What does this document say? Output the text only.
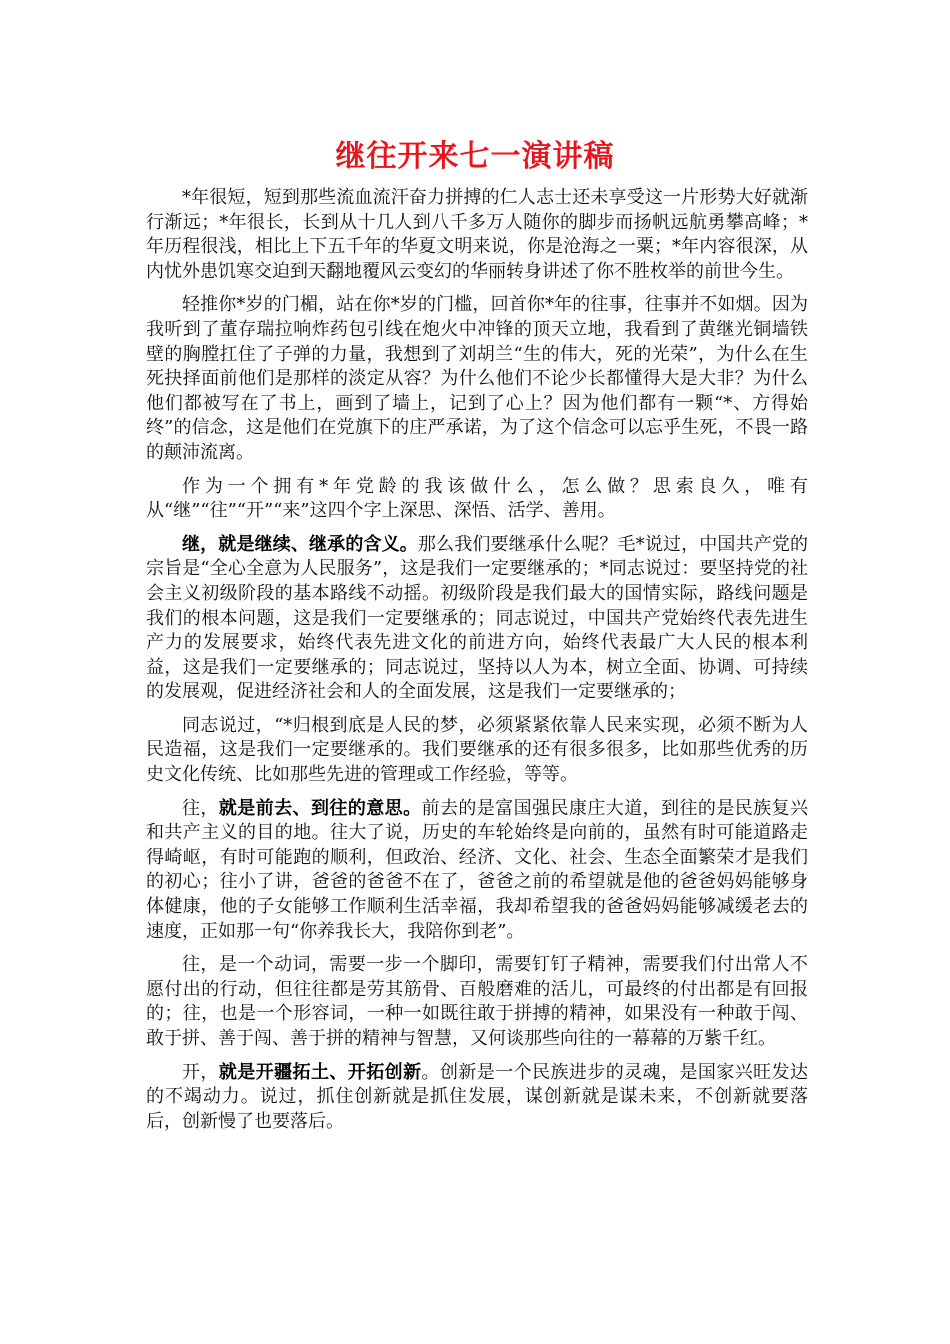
继往开来七一演讲稿

*年很短，短到那些流血流汗奋力拼搏的仁人志士还未享受这一片形势大好就渐行渐远；*年很长，长到从十几人到八千多万人随你的脚步而扬帆远航勇攀高峰；*年历程很浅，相比上下五千年的华夏文明来说，你是沧海之一粟；*年内容很深，从内忧外患饥寒交迫到天翻地覆风云变幻的华丽转身讲述了你不胜枚举的前世今生。

轻推你*岁的门楣，站在你*岁的门槛，回首你*年的往事，往事并不如烟。因为我听到了董存瑞拉响炸药包引线在炮火中冲锋的顶天立地，我看到了黄继光铜墙铁壁的胸膛扛住了子弹的力量，我想到了刘胡兰“生的伟大，死的光荣”，为什么在生死抉择面前他们是那样的淡定从容？为什么他们不论少长都懂得大是大非？为什么他们都被写在了书上，画到了墙上，记到了心上？因为他们都有一颗“*、方得始终”的信念，这是他们在党旗下的庄严承诺，为了这个信念可以忘乎生死，不畏一路的颠沛流离。

作为一个拥有*年党龄的我该做什么，怎么做？思索良久，唯有从“继”“往”“开”“来”这四个字上深思、深悟、活学、善用。

继，就是继续、继承的含义。那么我们要继承什么呢？毛*说过，中国共产党的宗旨是“全心全意为人民服务”，这是我们一定要继承的；*同志说过：要坚持党的社会主义初级阶段的基本路线不动摇。初级阶段是我们最大的国情实际，路线问题是我们的根本问题，这是我们一定要继承的；同志说过，中国共产党始终代表先进生产力的发展要求，始终代表先进文化的前进方向，始终代表最广大人民的根本利益，这是我们一定要继承的；同志说过，坚持以人为本，树立全面、协调、可持续的发展观，促进经济社会和人的全面发展，这是我们一定要继承的；

同志说过，“*归根到底是人民的梦，必须紧紧依靠人民来实现，必须不断为人民造福，这是我们一定要继承的。我们要继承的还有很多很多，比如那些优秀的历史文化传统、比如那些先进的管理或工作经验，等等。

往，就是前去、到往的意思。前去的是富国强民康庄大道，到往的是民族复兴和共产主义的目的地。往大了说，历史的车轮始终是向前的，虽然有时可能道路走得崎岖，有时可能跑的顺利，但政治、经济、文化、社会、生态全面繁荣才是我们的初心；往小了讲，爸爸的爸爸不在了，爸爸之前的希望就是他的爸爸妈妈能够身体健康，他的子女能够工作顺利生活幸福，我却希望我的爸爸妈妈能够减缓老去的速度，正如那一句“你养我长大，我陪你到老”。

往，是一个动词，需要一步一个脚印，需要钉钉子精神，需要我们付出常人不愿付出的行动，但往往都是劳其筋骨、百般磨难的活儿，可最终的付出都是有回报的；往，也是一个形容词，一种一如既往敢于拼搏的精神，如果没有一种敢于闯、敢于拼、善于闯、善于拼的精神与智慧，又何谈那些向往的一幕幕的万紫千红。

开，就是开疆拓土、开拓创新。创新是一个民族进步的灵魂，是国家兴旺发达的不竭动力。说过，抓住创新就是抓住发展，谋创新就是谋未来，不创新就要落后，创新慢了也要落后。
